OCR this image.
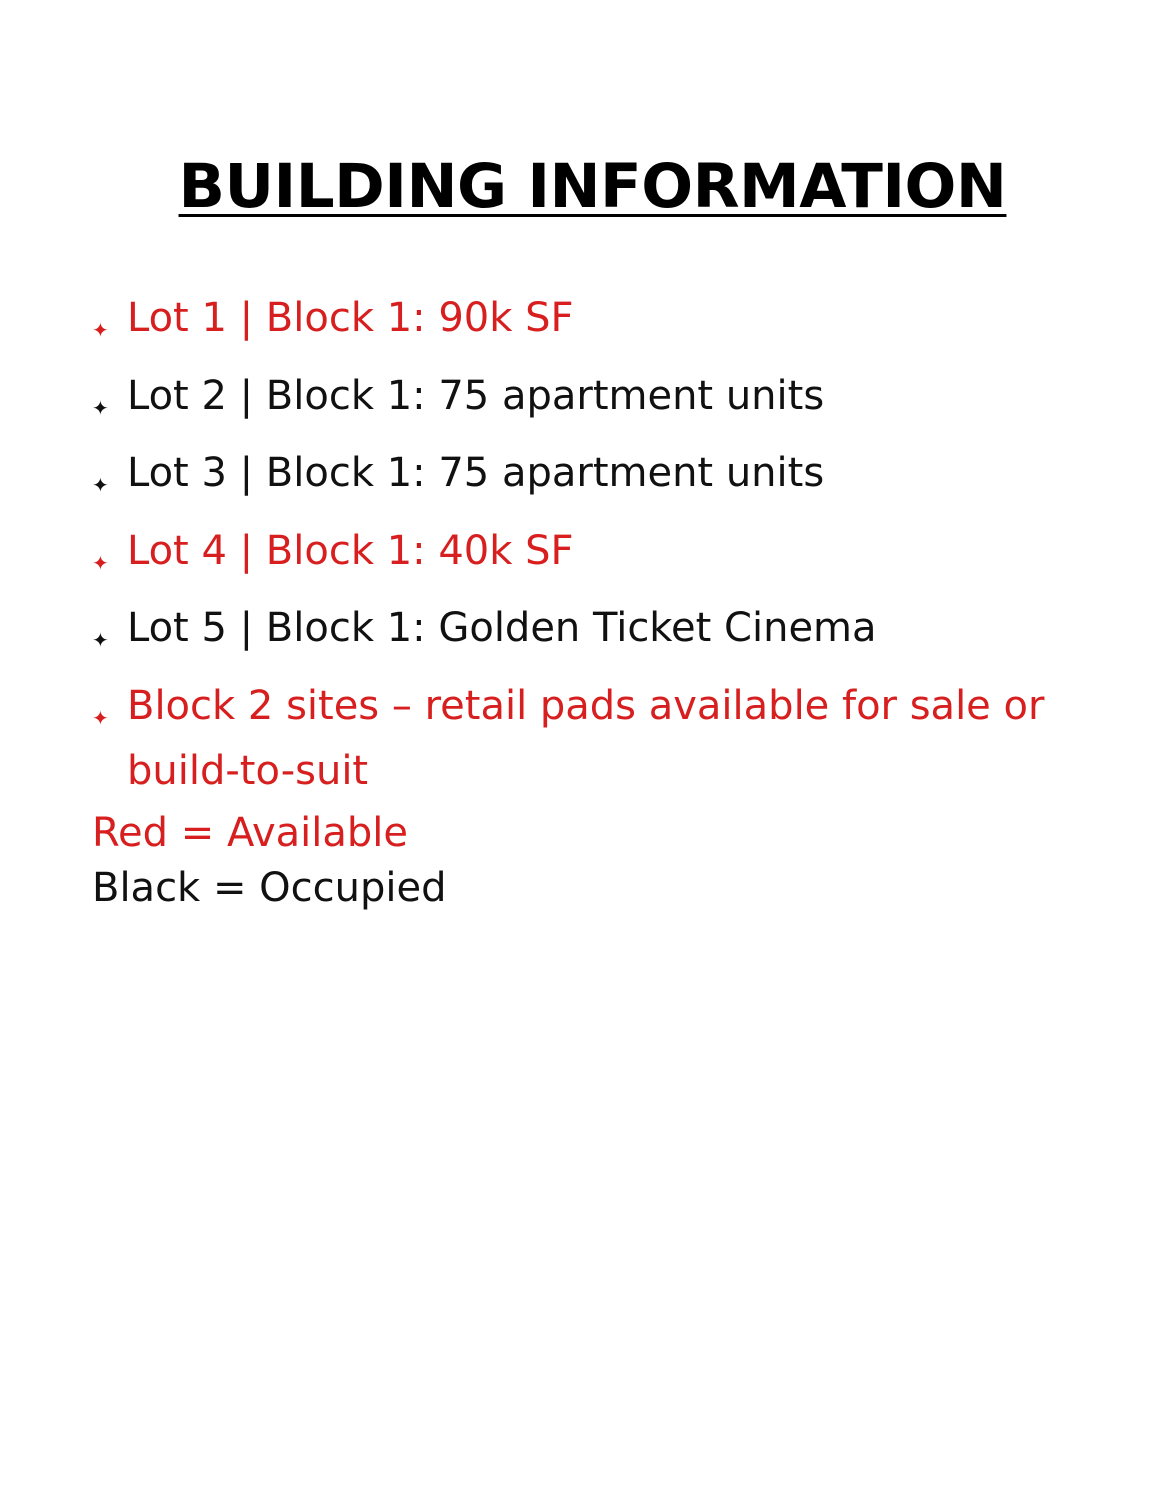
BUILDING INFORMATION
✦ Lot 1 | Block 1: 90k SF
✦ Lot 2 | Block 1: 75 apartment units
✦ Lot 3 | Block 1: 75 apartment units
✦ Lot 4 | Block 1: 40k SF
✦ Lot 5 | Block 1: Golden Ticket Cinema
✦ Block 2 sites – retail pads available for sale or build-to-suit
Red = Available
Black = Occupied
